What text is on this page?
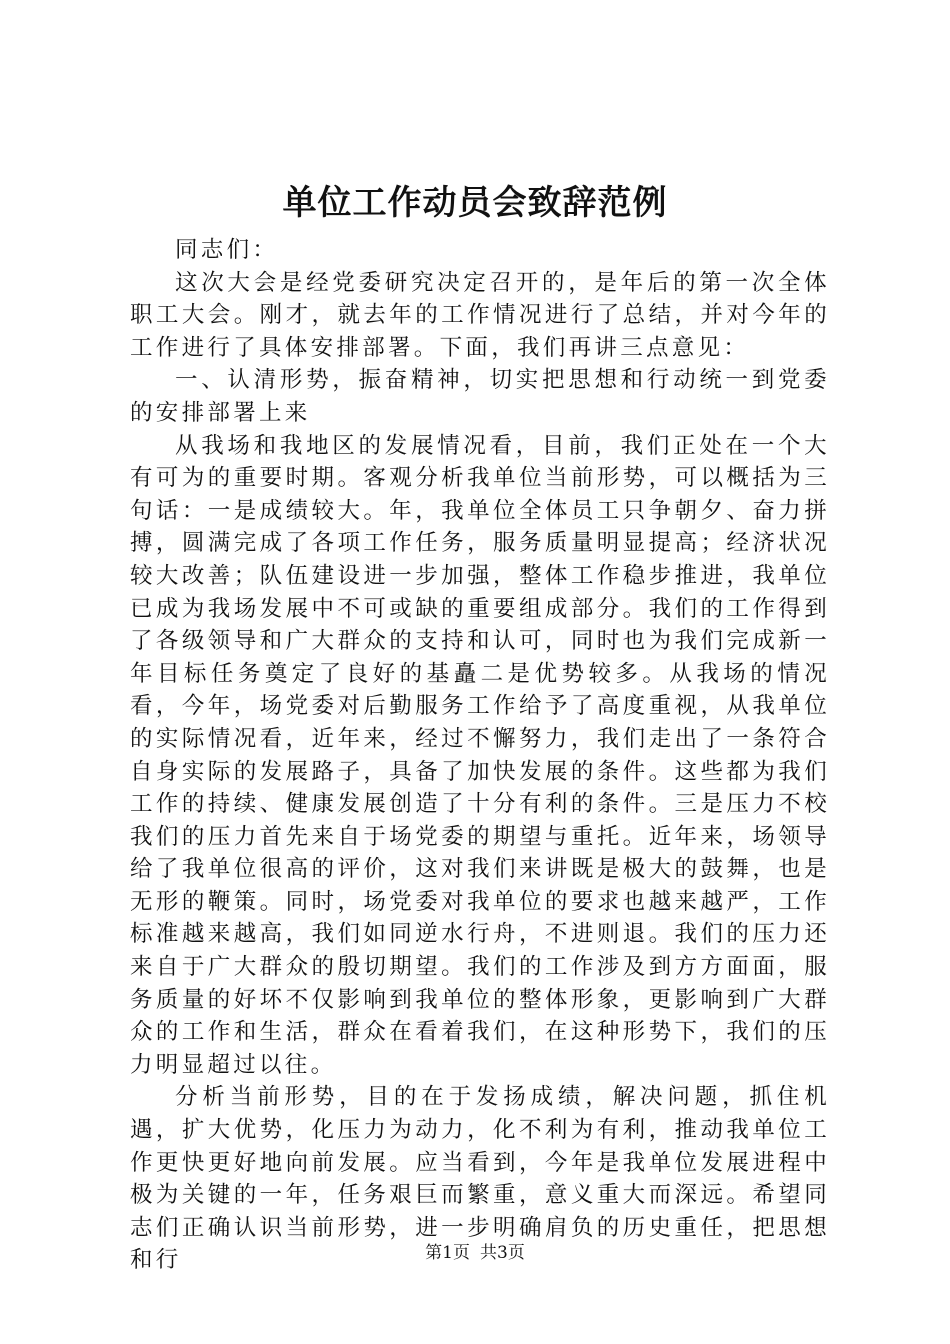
单位工作动员会致辞范例

同志们：

这次大会是经党委研究决定召开的，是年后的第一次全体职工大会。刚才，就去年的工作情况进行了总结，并对今年的工作进行了具体安排部署。下面，我们再讲三点意见：

一、认清形势，振奋精神，切实把思想和行动统一到党委的安排部署上来

从我场和我地区的发展情况看，目前，我们正处在一个大有可为的重要时期。客观分析我单位当前形势，可以概括为三句话：一是成绩较大。年，我单位全体员工只争朝夕、奋力拼搏，圆满完成了各项工作任务，服务质量明显提高；经济状况较大改善；队伍建设进一步加强，整体工作稳步推进，我单位已成为我场发展中不可或缺的重要组成部分。我们的工作得到了各级领导和广大群众的支持和认可，同时也为我们完成新一年目标任务奠定了良好的基矗二是优势较多。从我场的情况看，今年，场党委对后勤服务工作给予了高度重视，从我单位的实际情况看，近年来，经过不懈努力，我们走出了一条符合自身实际的发展路子，具备了加快发展的条件。这些都为我们工作的持续、健康发展创造了十分有利的条件。三是压力不校我们的压力首先来自于场党委的期望与重托。近年来，场领导给了我单位很高的评价，这对我们来讲既是极大的鼓舞，也是无形的鞭策。同时，场党委对我单位的要求也越来越严，工作标准越来越高，我们如同逆水行舟，不进则退。我们的压力还来自于广大群众的殷切期望。我们的工作涉及到方方面面，服务质量的好坏不仅影响到我单位的整体形象，更影响到广大群众的工作和生活，群众在看着我们，在这种形势下，我们的压力明显超过以往。

分析当前形势，目的在于发扬成绩，解决问题，抓住机遇，扩大优势，化压力为动力，化不利为有利，推动我单位工作更快更好地向前发展。应当看到，今年是我单位发展进程中极为关键的一年，任务艰巨而繁重，意义重大而深远。希望同志们正确认识当前形势，进一步明确肩负的历史重任，把思想和行	第1页 共3页
